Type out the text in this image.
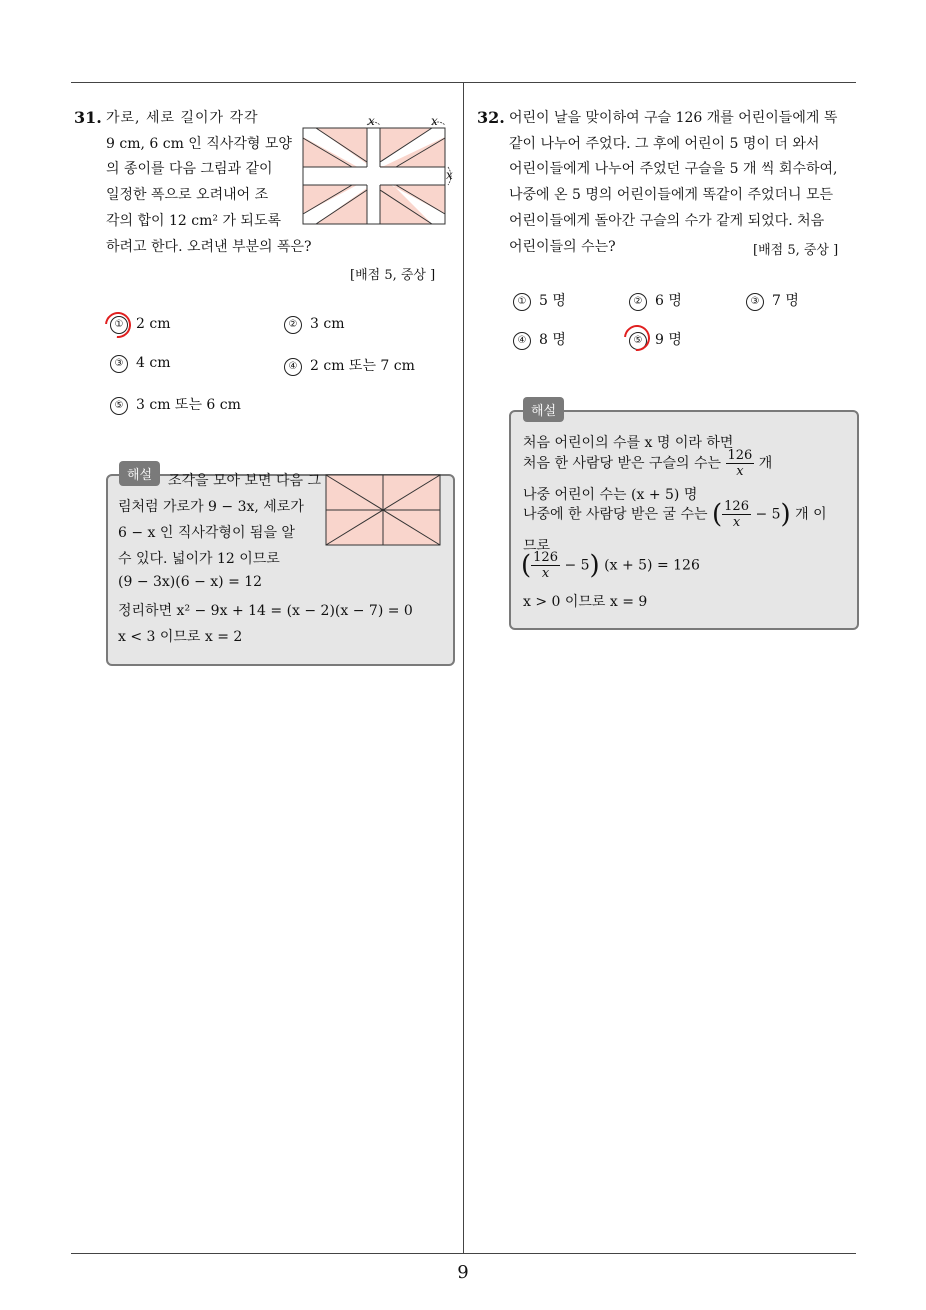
9
31. 가로, 세로 길이가 각각
9 cm, 6 cm 인 직사각형 모양
의 종이를 다음 그림과 같이
일정한 폭으로 오려내어 조
각의 합이 12 cm² 가 되도록
하려고 한다. 오려낸 부분의 폭은?
[배점 5, 중상 ]
x	x
x
① 2 cm	② 3 cm
③ 4 cm	④ 2 cm 또는 7 cm
⑤ 3 cm 또는 6 cm
해설	조각을 모아 보면 다음 그
림처럼 가로가 9 − 3x, 세로가
6 − x 인 직사각형이 됨을 알
수 있다. 넓이가 12 이므로
(9 − 3x)(6 − x) = 12
정리하면 x² − 9x + 14 = (x − 2)(x − 7) = 0
x < 3 이므로 x = 2
32. 어린이 날을 맞이하여 구슬 126 개를 어린이들에게 똑
같이 나누어 주었다. 그 후에 어린이 5 명이 더 와서
어린이들에게 나누어 주었던 구슬을 5 개 씩 회수하여,
나중에 온 5 명의 어린이들에게 똑같이 주었더니 모든
어린이들에게 돌아간 구슬의 수가 같게 되었다. 처음
어린이들의 수는?	[배점 5, 중상 ]
① 5 명	② 6 명	③ 7 명
④ 8 명	⑤ 9 명
해설
처음 어린이의 수를 x 명 이라 하면
처음 한 사람당 받은 구슬의 수는 $\frac{126}{x}$ 개
나중 어린이 수는 (x + 5) 명
나중에 한 사람당 받은 굴 수는 ( $\frac{126}{x} - 5$) 개 이
므로
( $\frac{126}{x} - 5$) (x + 5) = 126
x > 0 이므로 x = 9
